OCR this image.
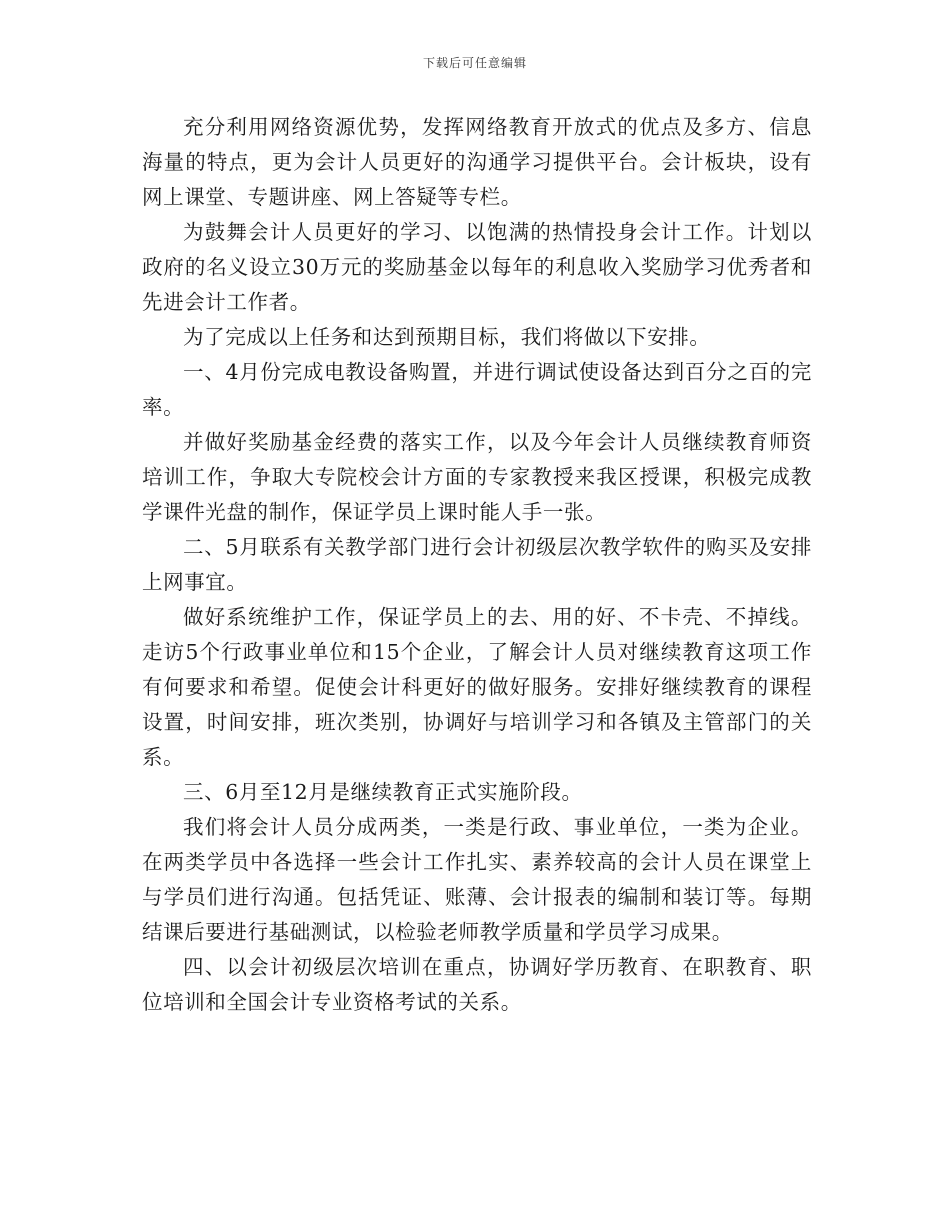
下载后可任意编辑

充分利用网络资源优势，发挥网络教育开放式的优点及多方、信息海量的特点，更为会计人员更好的沟通学习提供平台。会计板块，设有网上课堂、专题讲座、网上答疑等专栏。

为鼓舞会计人员更好的学习、以饱满的热情投身会计工作。计划以政府的名义设立30万元的奖励基金以每年的利息收入奖励学习优秀者和先进会计工作者。

为了完成以上任务和达到预期目标，我们将做以下安排。

一、4月份完成电教设备购置，并进行调试使设备达到百分之百的完率。

并做好奖励基金经费的落实工作，以及今年会计人员继续教育师资培训工作，争取大专院校会计方面的专家教授来我区授课，积极完成教学课件光盘的制作，保证学员上课时能人手一张。

二、5月联系有关教学部门进行会计初级层次教学软件的购买及安排上网事宜。

做好系统维护工作，保证学员上的去、用的好、不卡壳、不掉线。走访5个行政事业单位和15个企业，了解会计人员对继续教育这项工作有何要求和希望。促使会计科更好的做好服务。安排好继续教育的课程设置，时间安排，班次类别，协调好与培训学习和各镇及主管部门的关系。

三、6月至12月是继续教育正式实施阶段。

我们将会计人员分成两类，一类是行政、事业单位，一类为企业。在两类学员中各选择一些会计工作扎实、素养较高的会计人员在课堂上与学员们进行沟通。包括凭证、账薄、会计报表的编制和装订等。每期结课后要进行基础测试，以检验老师教学质量和学员学习成果。

四、以会计初级层次培训在重点，协调好学历教育、在职教育、职位培训和全国会计专业资格考试的关系。
